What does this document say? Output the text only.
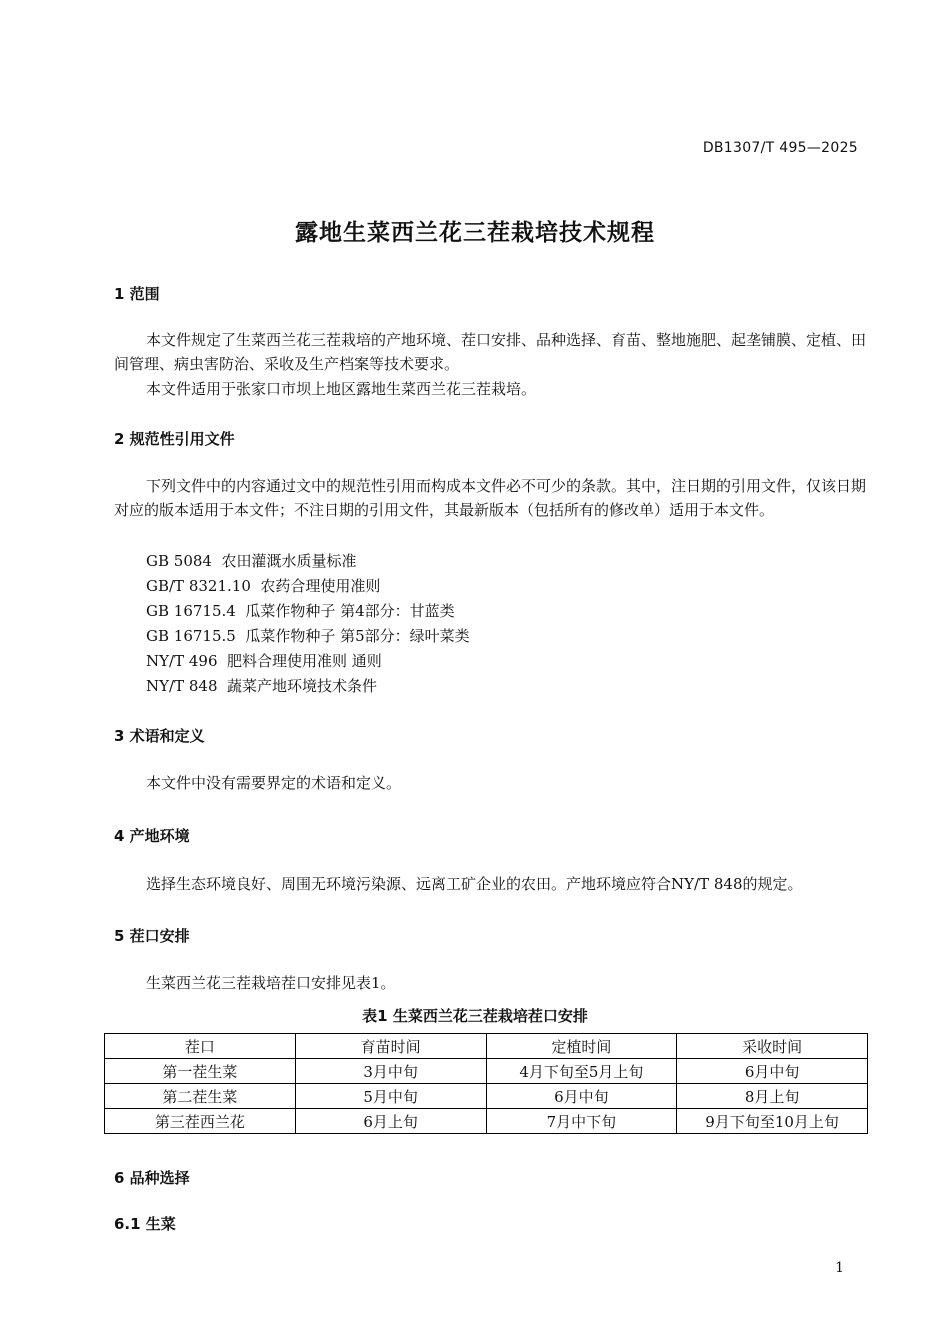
DB1307/T 495—2025
露地生菜西兰花三茬栽培技术规程
1 范围

本文件规定了生菜西兰花三茬栽培的产地环境、茬口安排、品种选择、育苗、整地施肥、起垄铺膜、定植、田间管理、病虫害防治、采收及生产档案等技术要求。

本文件适用于张家口市坝上地区露地生菜西兰花三茬栽培。

2 规范性引用文件

下列文件中的内容通过文中的规范性引用而构成本文件必不可少的条款。其中，注日期的引用文件，仅该日期对应的版本适用于本文件；不注日期的引用文件，其最新版本（包括所有的修改单）适用于本文件。

GB 5084  农田灌溉水质量标准
GB/T 8321.10  农药合理使用准则
GB 16715.4  瓜菜作物种子 第4部分：甘蓝类
GB 16715.5  瓜菜作物种子 第5部分：绿叶菜类
NY/T 496  肥料合理使用准则 通则
NY/T 848  蔬菜产地环境技术条件
3 术语和定义

本文件中没有需要界定的术语和定义。

4 产地环境

选择生态环境良好、周围无环境污染源、远离工矿企业的农田。产地环境应符合NY/T 848的规定。

5 茬口安排

生菜西兰花三茬栽培茬口安排见表1。

表1 生菜西兰花三茬栽培茬口安排
茬口	育苗时间	定植时间	采收时间
第一茬生菜	3月中旬	4月下旬至5月上旬	6月中旬
第二茬生菜	5月中旬	6月中旬	8月上旬
第三茬西兰花	6月上旬	7月中下旬	9月下旬至10月上旬
6 品种选择
6.1 生菜
1
